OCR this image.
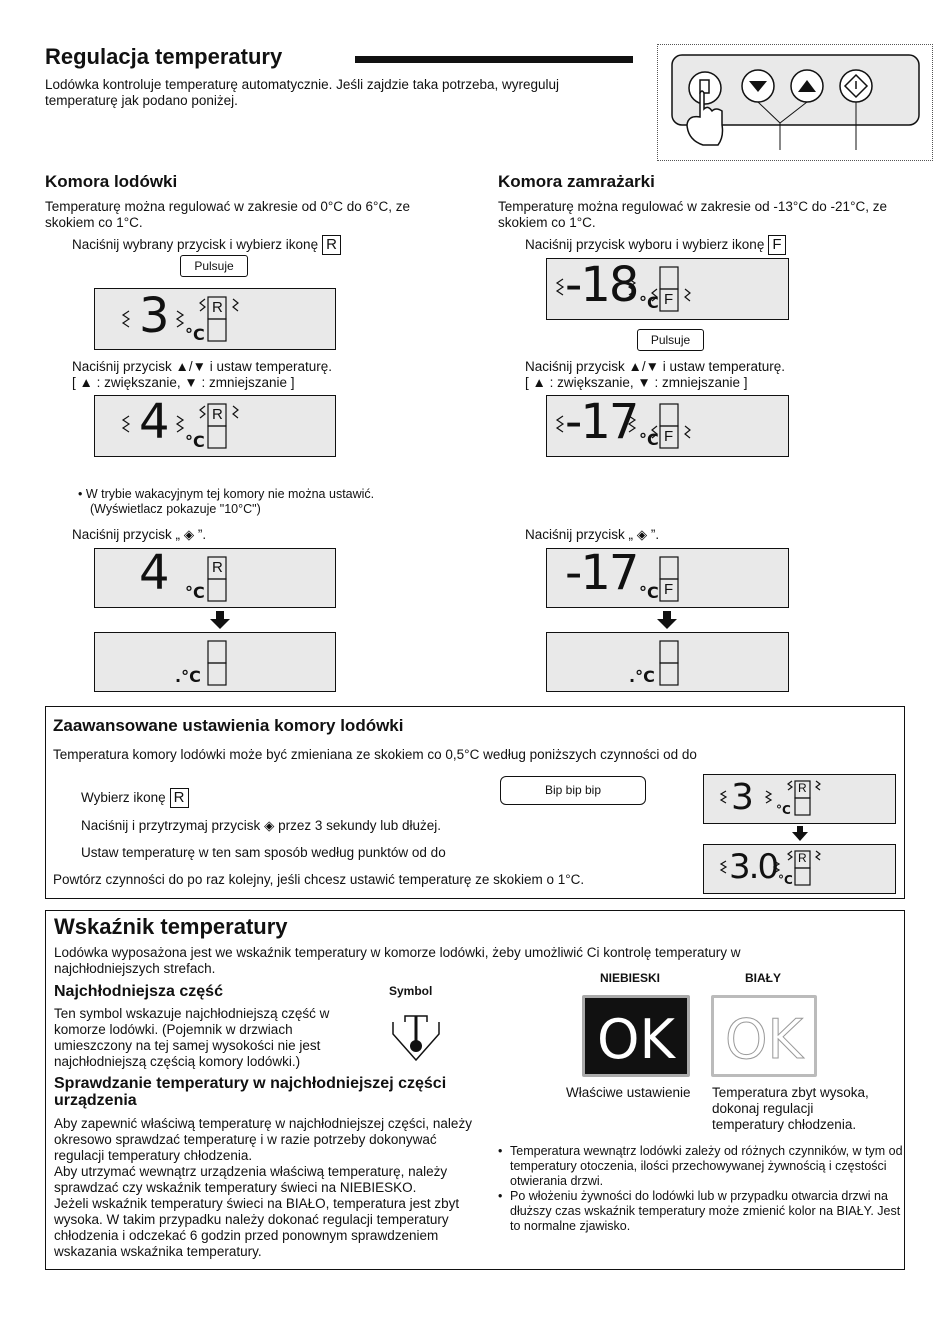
Regulacja temperatury
Lodówka kontroluje temperaturę automatycznie. Jeśli zajdzie taka potrzeba, wyreguluj temperaturę jak podano poniżej.
Komora lodówki
Temperaturę można regulować w zakresie od 0°C do 6°C, ze skokiem co 1°C.
Naciśnij wybrany przycisk i wybierz ikonę R
Pulsuje
3 °C
R
Naciśnij przycisk ▲/▼ i ustaw temperaturę.
[ ▲ : zwiększanie, ▼ : zmniejszanie ]
4 °C
R
• W trybie wakacyjnym tej komory nie można ustawić.
(Wyświetlacz pokazuje "10°C")
Naciśnij przycisk „ ◈ ”.
4 °C
R
.°C
Komora zamrażarki
Temperaturę można regulować w zakresie od -13°C do -21°C, ze skokiem co 1°C.
Naciśnij przycisk wyboru i wybierz ikonę F
-18 °C F
Pulsuje
Naciśnij przycisk ▲/▼ i ustaw temperaturę.
[ ▲ : zwiększanie, ▼ : zmniejszanie ]
-17 °C F
Naciśnij przycisk „ ◈ ”.
-17 °C F
.°C
Zaawansowane ustawienia komory lodówki
Temperatura komory lodówki może być zmieniana ze skokiem co 0,5°C według poniższych czynności od do
Wybierz ikonę R	Bip bip bip
Naciśnij i przytrzymaj przycisk ◈ przez 3 sekundy lub dłużej.
Ustaw temperaturę w ten sam sposób według punktów od do
Powtórz czynności do po raz kolejny, jeśli chcesz ustawić temperaturę ze skokiem o 1°C.
3 °C
R
3.0 °C
R
Wskaźnik temperatury
Lodówka wyposażona jest we wskaźnik temperatury w komorze lodówki, żeby umożliwić Ci kontrolę temperatury w najchłodniejszych strefach.
Najchłodniejsza część	Symbol
Ten symbol wskazuje najchłodniejszą część w komorze lodówki. (Pojemnik w drzwiach umieszczony na tej samej wysokości nie jest najchłodniejszą częścią komory lodówki.)
Sprawdzanie temperatury w najchłodniejszej części urządzenia
Aby zapewnić właściwą temperaturę w najchłodniejszej części, należy okresowo sprawdzać temperaturę i w razie potrzeby dokonywać regulacji temperatury chłodzenia.
Aby utrzymać wewnątrz urządzenia właściwą temperaturę, należy sprawdzać czy wskaźnik temperatury świeci na NIEBIESKO.
Jeżeli wskaźnik temperatury świeci na BIAŁO, temperatura jest zbyt wysoka. W takim przypadku należy dokonać regulacji temperatury chłodzenia i odczekać 6 godzin przed ponownym sprawdzeniem wskazania wskaźnika temperatury.
NIEBIESKI	BIAŁY
OK OK
Właściwe ustawienie Temperatura zbyt wysoka, dokonaj regulacji temperatury chłodzenia.
• Temperatura wewnątrz lodówki zależy od różnych czynników, w tym od temperatury otoczenia, ilości przechowywanej żywnością i częstości otwierania drzwi.
• Po włożeniu żywności do lodówki lub w przypadku otwarcia drzwi na dłuższy czas wskaźnik temperatury może zmienić kolor na BIAŁY. Jest to normalne zjawisko.
